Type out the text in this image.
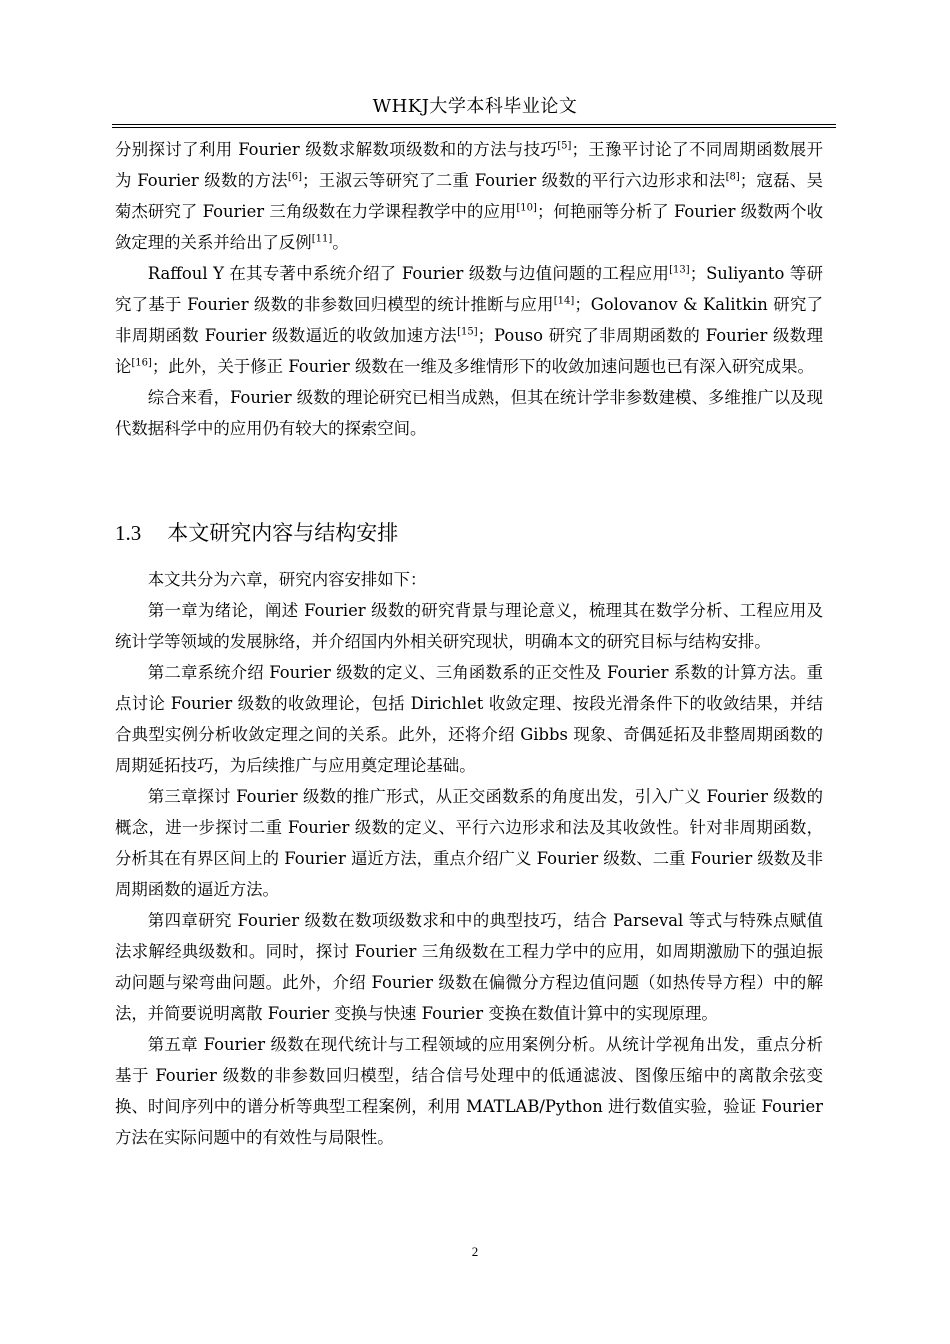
WHKJ大学本科毕业论文

分别探讨了利用 Fourier 级数求解数项级数和的方法与技巧[5]；王豫平讨论了不同周期函数展开为 Fourier 级数的方法[6]；王淑云等研究了二重 Fourier 级数的平行六边形求和法[8]；寇磊、吴菊杰研究了 Fourier 三角级数在力学课程教学中的应用[10]；何艳丽等分析了 Fourier 级数两个收敛定理的关系并给出了反例[11]。

Raffoul Y 在其专著中系统介绍了 Fourier 级数与边值问题的工程应用[13]；Suliyanto 等研究了基于 Fourier 级数的非参数回归模型的统计推断与应用[14]；Golovanov & Kalitkin 研究了非周期函数 Fourier 级数逼近的收敛加速方法[15]；Pouso 研究了非周期函数的 Fourier 级数理论[16]；此外，关于修正 Fourier 级数在一维及多维情形下的收敛加速问题也已有深入研究成果。

综合来看，Fourier 级数的理论研究已相当成熟，但其在统计学非参数建模、多维推广以及现代数据科学中的应用仍有较大的探索空间。

1.3 本文研究内容与结构安排

本文共分为六章，研究内容安排如下：

第一章为绪论，阐述 Fourier 级数的研究背景与理论意义，梳理其在数学分析、工程应用及统计学等领域的发展脉络，并介绍国内外相关研究现状，明确本文的研究目标与结构安排。

第二章系统介绍 Fourier 级数的定义、三角函数系的正交性及 Fourier 系数的计算方法。重点讨论 Fourier 级数的收敛理论，包括 Dirichlet 收敛定理、按段光滑条件下的收敛结果，并结合典型实例分析收敛定理之间的关系。此外，还将介绍 Gibbs 现象、奇偶延拓及非整周期函数的周期延拓技巧，为后续推广与应用奠定理论基础。

第三章探讨 Fourier 级数的推广形式，从正交函数系的角度出发，引入广义 Fourier 级数的概念，进一步探讨二重 Fourier 级数的定义、平行六边形求和法及其收敛性。针对非周期函数，分析其在有界区间上的 Fourier 逼近方法，重点介绍广义 Fourier 级数、二重 Fourier 级数及非周期函数的逼近方法。

第四章研究 Fourier 级数在数项级数求和中的典型技巧，结合 Parseval 等式与特殊点赋值法求解经典级数和。同时，探讨 Fourier 三角级数在工程力学中的应用，如周期激励下的强迫振动问题与梁弯曲问题。此外，介绍 Fourier 级数在偏微分方程边值问题（如热传导方程）中的解法，并简要说明离散 Fourier 变换与快速 Fourier 变换在数值计算中的实现原理。

第五章 Fourier 级数在现代统计与工程领域的应用案例分析。从统计学视角出发，重点分析基于 Fourier 级数的非参数回归模型，结合信号处理中的低通滤波、图像压缩中的离散余弦变换、时间序列中的谱分析等典型工程案例，利用 MATLAB/Python 进行数值实验，验证 Fourier 方法在实际问题中的有效性与局限性。

2
